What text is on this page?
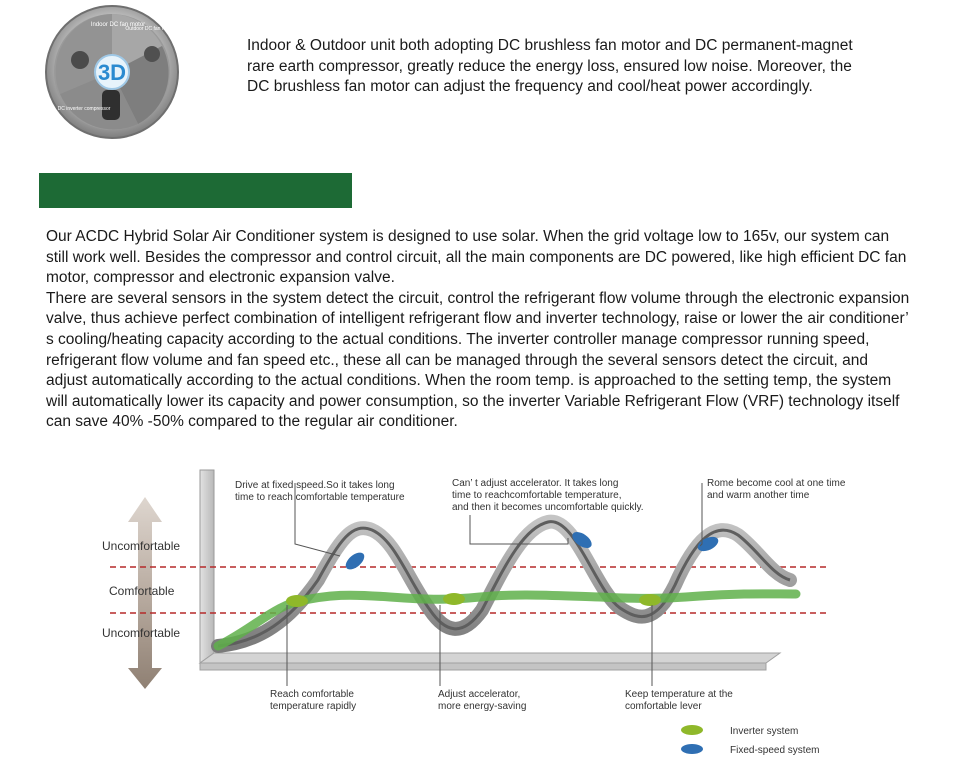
3D
Indoor DC fan motor
Outdoor DC fan motor
DC inverter compressor

Indoor & Outdoor unit both adopting DC brushless fan motor and DC permanent-magnet rare earth compressor, greatly reduce the energy loss, ensured low noise. Moreover, the DC brushless fan motor can adjust the frequency and cool/heat power accordingly.

Our ACDC Hybrid Solar Air Conditioner system is designed to use solar. When the grid voltage low to 165v, our system can still work well. Besides the compressor and control circuit, all the main components are DC powered, like high efficient DC fan motor, compressor and electronic expansion valve.

There are several sensors in the system detect the circuit, control the refrigerant flow volume through the electronic expansion valve, thus achieve perfect combination of intelligent refrigerant flow and inverter technology, raise or lower the air conditioner’ s cooling/heating capacity according to the actual conditions. The inverter controller manage compressor running speed, refrigerant flow volume and fan speed etc., these all can be managed through the several sensors detect the circuit, and adjust automatically according to the actual conditions. When the room temp. is approached to the setting temp, the system will automatically lower its capacity and power consumption, so the inverter Variable Refrigerant Flow (VRF) technology itself can save 40% -50% compared to the regular air conditioner.

Uncomfortable
Comfortable
Uncomfortable
Drive at fixed speed.So it takes long time to reach comfortable temperature
Can’ t adjust accelerator. It takes long time to reachcomfortable temperature, and then it becomes uncomfortable quickly.
Rome become cool at one time and warm another time
Reach comfortable temperature rapidly
Adjust accelerator, more energy-saving
Keep temperature at the comfortable lever
Inverter system
Fixed-speed system
